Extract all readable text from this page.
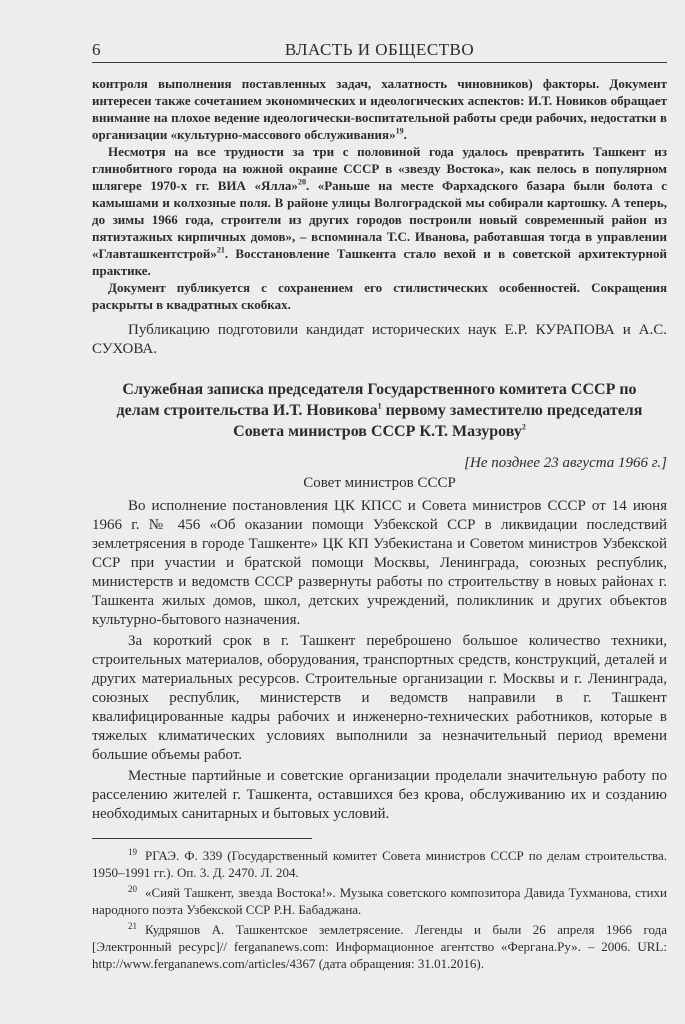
6	ВЛАСТЬ И ОБЩЕСТВО

контроля выполнения поставленных задач, халатность чиновников) факторы. Документ интересен также сочетанием экономических и идеологических аспектов: И.Т. Новиков обращает внимание на плохое ведение идеологически-воспитательной работы среди рабочих, недостатки в организации «культурно-массового обслуживания»$^{19}$.

Несмотря на все трудности за три с половиной года удалось превратить Ташкент из глинобитного города на южной окраине СССР в «звезду Востока», как пелось в популярном шлягере 1970-х гг. ВИА «Ялла»$^{20}$. «Раньше на месте Фархадского базара были болота с камышами и колхозные поля. В районе улицы Волгоградской мы собирали картошку. А теперь, до зимы 1966 года, строители из других городов построили новый современный район из пятиэтажных кирпичных домов», – вспоминала Т.С. Иванова, работавшая тогда в управлении «Главташкентстрой»$^{21}$. Восстановление Ташкента стало вехой и в советской архитектурной практике.

Документ публикуется с сохранением его стилистических особенностей. Сокращения раскрыты в квадратных скобках.

Публикацию подготовили кандидат исторических наук Е.Р. КУРАПОВА и А.С. СУХОВА.

Служебная записка председателя Государственного комитета СССР по делам строительства И.Т. Новикова$^1$ первому заместителю председателя Совета министров СССР К.Т. Мазурову$^2$
[Не позднее 23 августа 1966 г.]
Совет министров СССР

Во исполнение постановления ЦК КПСС и Совета министров СССР от 14 июня 1966 г. № 456 «Об оказании помощи Узбекской ССР в ликвидации последствий землетрясения в городе Ташкенте» ЦК КП Узбекистана и Советом министров Узбекской ССР при участии и братской помощи Москвы, Ленинграда, союзных республик, министерств и ведомств СССР развернуты работы по строительству в новых районах г. Ташкента жилых домов, школ, детских учреждений, поликлиник и других объектов культурно-бытового назначения.

За короткий срок в г. Ташкент переброшено большое количество техники, строительных материалов, оборудования, транспортных средств, конструкций, деталей и других материальных ресурсов. Строительные организации г. Москвы и г. Ленинграда, союзных республик, министерств и ведомств направили в г. Ташкент квалифицированные кадры рабочих и инженерно-технических работников, которые в тяжелых климатических условиях выполнили за незначительный период времени большие объемы работ.

Местные партийные и советские организации проделали значительную работу по расселению жителей г. Ташкента, оставшихся без крова, обслуживанию их и созданию необходимых санитарных и бытовых условий.

$^{19}$ РГАЭ. Ф. 339 (Государственный комитет Совета министров СССР по делам строительства. 1950–1991 гг.). Оп. 3. Д. 2470. Л. 204.

$^{20}$ «Сияй Ташкент, звезда Востока!». Музыка советского композитора Давида Тухманова, стихи народного поэта Узбекской ССР Р.Н. Бабаджана.

$^{21}$ Кудряшов А. Ташкентское землетрясение. Легенды и были 26 апреля 1966 года [Электронный ресурс]// fergananews.com: Информационное агентство «Фергана.Ру». – 2006. URL: http://www.fergananews.com/articles/4367 (дата обращения: 31.01.2016).
